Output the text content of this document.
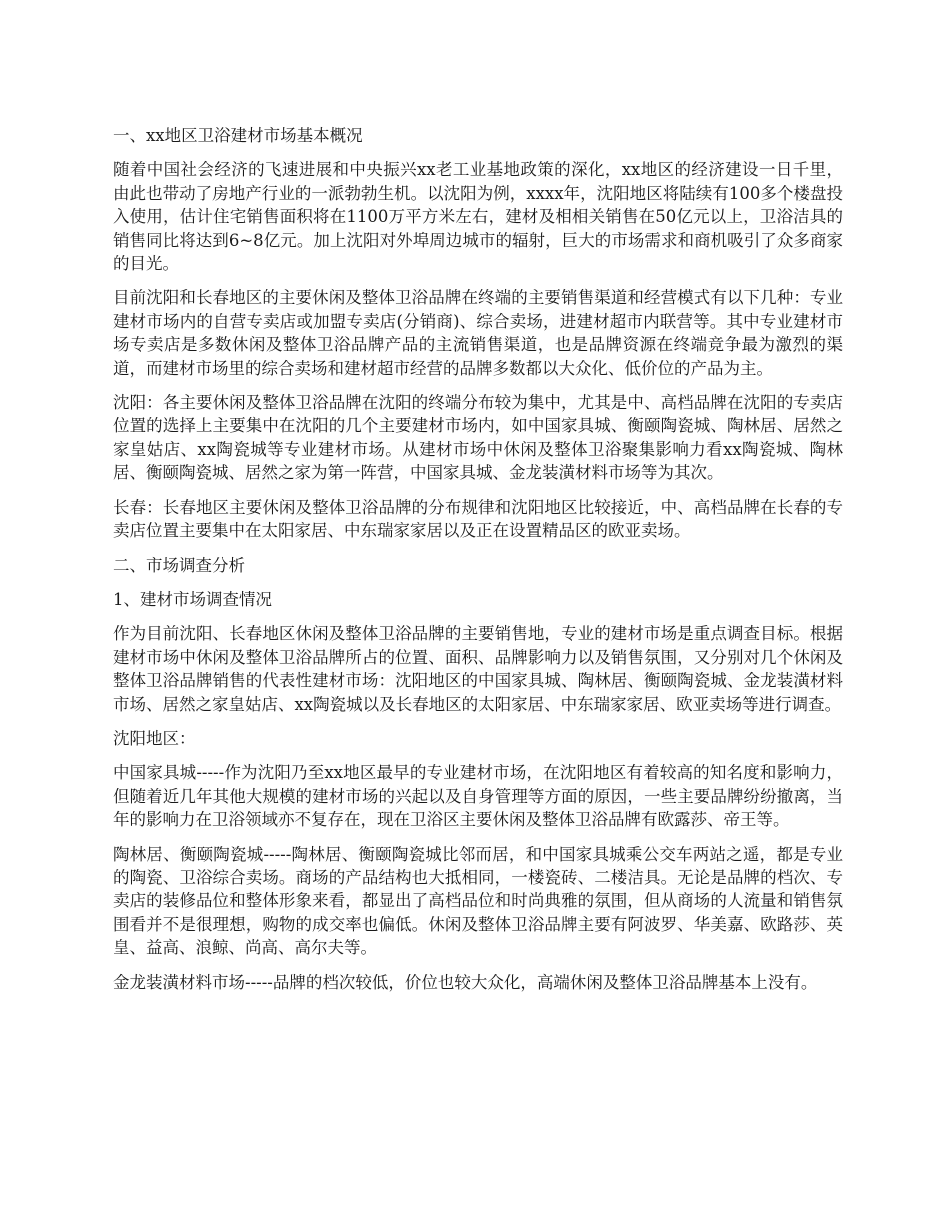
一、xx地区卫浴建材市场基本概况

随着中国社会经济的飞速进展和中央振兴xx老工业基地政策的深化，xx地区的经济建设一日千里，由此也带动了房地产行业的一派勃勃生机。以沈阳为例，xxxx年，沈阳地区将陆续有100多个楼盘投入使用，估计住宅销售面积将在1100万平方米左右，建材及相相关销售在50亿元以上，卫浴洁具的销售同比将达到6~8亿元。加上沈阳对外埠周边城市的辐射，巨大的市场需求和商机吸引了众多商家的目光。

目前沈阳和长春地区的主要休闲及整体卫浴品牌在终端的主要销售渠道和经营模式有以下几种：专业建材市场内的自营专卖店或加盟专卖店(分销商)、综合卖场，进建材超市内联营等。其中专业建材市场专卖店是多数休闲及整体卫浴品牌产品的主流销售渠道，也是品牌资源在终端竞争最为激烈的渠道，而建材市场里的综合卖场和建材超市经营的品牌多数都以大众化、低价位的产品为主。

沈阳：各主要休闲及整体卫浴品牌在沈阳的终端分布较为集中，尤其是中、高档品牌在沈阳的专卖店位置的选择上主要集中在沈阳的几个主要建材市场内，如中国家具城、衡颐陶瓷城、陶林居、居然之家皇姑店、xx陶瓷城等专业建材市场。从建材市场中休闲及整体卫浴聚集影响力看xx陶瓷城、陶林居、衡颐陶瓷城、居然之家为第一阵营，中国家具城、金龙装潢材料市场等为其次。

长春：长春地区主要休闲及整体卫浴品牌的分布规律和沈阳地区比较接近，中、高档品牌在长春的专卖店位置主要集中在太阳家居、中东瑞家家居以及正在设置精品区的欧亚卖场。

二、市场调查分析
1、建材市场调查情况

作为目前沈阳、长春地区休闲及整体卫浴品牌的主要销售地，专业的建材市场是重点调查目标。根据建材市场中休闲及整体卫浴品牌所占的位置、面积、品牌影响力以及销售氛围，又分别对几个休闲及整体卫浴品牌销售的代表性建材市场：沈阳地区的中国家具城、陶林居、衡颐陶瓷城、金龙装潢材料市场、居然之家皇姑店、xx陶瓷城以及长春地区的太阳家居、中东瑞家家居、欧亚卖场等进行调查。

沈阳地区：

中国家具城-----作为沈阳乃至xx地区最早的专业建材市场，在沈阳地区有着较高的知名度和影响力，但随着近几年其他大规模的建材市场的兴起以及自身管理等方面的原因，一些主要品牌纷纷撤离，当年的影响力在卫浴领域亦不复存在，现在卫浴区主要休闲及整体卫浴品牌有欧露莎、帝王等。

陶林居、衡颐陶瓷城-----陶林居、衡颐陶瓷城比邻而居，和中国家具城乘公交车两站之遥，都是专业的陶瓷、卫浴综合卖场。商场的产品结构也大抵相同，一楼瓷砖、二楼洁具。无论是品牌的档次、专卖店的装修品位和整体形象来看，都显出了高档品位和时尚典雅的氛围，但从商场的人流量和销售氛围看并不是很理想，购物的成交率也偏低。休闲及整体卫浴品牌主要有阿波罗、华美嘉、欧路莎、英皇、益高、浪鲸、尚高、高尔夫等。

金龙装潢材料市场-----品牌的档次较低，价位也较大众化，高端休闲及整体卫浴品牌基本上没有。
